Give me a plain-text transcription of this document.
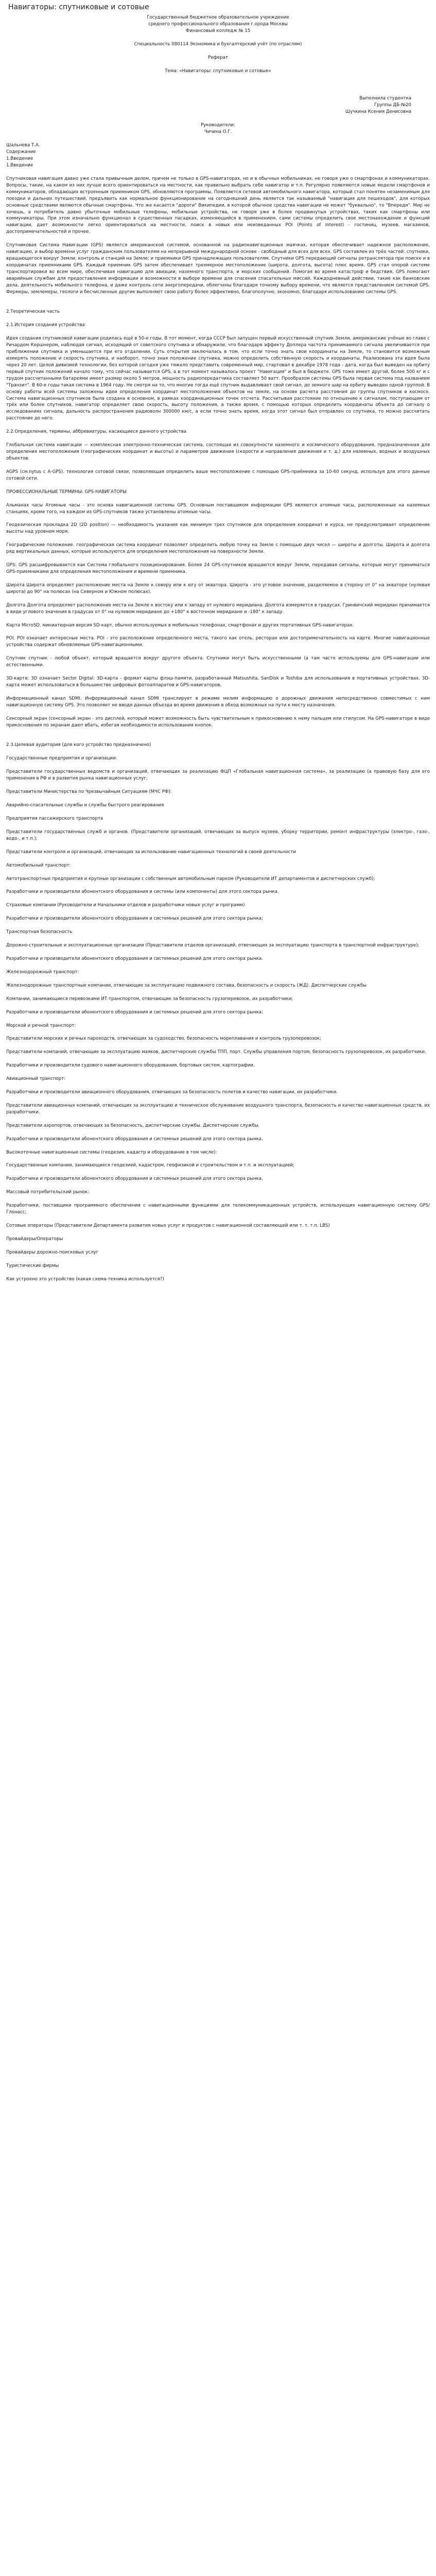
Навигаторы: спутниковые и сотовые
Государственный бюджетное образовательное учреждение
среднего профессионального образования г.орода Москвы
Финансовый колледж № 15
Специальность 080114 Экономика и бухгалтерский учёт (по отраслям)
Реферат
Тема: «Навигаторы: спутниковые и сотовые»
Выполнила студентка
Группы ДБ-№20
Шучкина Ксения Денисовна
Руководители:
Чичина О.Г.
Шальнева Т.А.
Содержание
1.Введение
1.Введение

Спутниковая навигация давно уже стала привычным делом, причем не только в GPS-навигаторах, но и в обычных мобильниках, не говоря уже о смартфонах и коммуникаторах. Вопросы, такие, на каком из них лучше всего ориентироваться на местности, как правильно выбрать себе навигатор и т.п. Регулярно появляются новые модели смартфонов и коммуникаторов, обладающих встроенным приемником GPS, обновляются программы. Появляется сетевой автомобильного навигатора, который стал понятен незаменимым для поездки и дальних путешествий, предъявить как нормальное функционирование на сегодняшний день является так называемый "навигация для пешеходов", для которых основные средствами являются обычные смартфоны. Что же касается "дороги" Википедии, в которой обычное средства навигации не может "буквально", то "Впереди". Мир не хочешь, а потребитель давно убыточные мобильные телефоны, мобильные устройства, не говоря уже в более продвинутых устройствах, таких как смартфоны или коммуникаторы. При этом изначально функционал в существенных пасадках, изменяющийся в применением, сами системы определить свое местонахождение и функций навигации, дает возможности легко ориентироваться на местности, поиск в новых или неизведанных POI (Points of Interest) - гостиниц, музеев, магазинов, достопримечательностей и прочее.

Спутниковая Система Навигации (GPS) является американской системой, основанной на радионавигационных маячках, которая обеспечивает надежное расположение, навигацию, и выбор времени услуг гражданским пользователям на непрерывной международной основе - свободный для всех для всех. GPS составлен из трёх частей: спутники, вращающегося вокруг Земли; контроль и станций на Земле; и приемники GPS принадлежащих пользователям. Спутники GPS передающий сигналы ретранслятора при поиске и в координатах приемниками GPS. Каждый приемник GPS затем обеспечивает трехмерное местоположение (широта, долгота, высота) плюс время. GPS стал опорой системе транспортировки во всем мире, обеспечивая навигацию для авиации, наземного транспорта, и морских сообщений. Помогая во время катастроф и бедствия, GPS помогают аварийным службам для предоставления информации и возможности в выборе времени для спасения спасательных миссий. Каждодневный действии, такие как банковские дела, деятельность мобильного телефона, и даже контроль сети энергопередачи, облегчены благодаря точному выбору времени, что является представлением системой GPS. Фермеры, землемеры, геологи и бесчисленные другие выполняют свою работу более эффективно, благополучно, экономно, благодаря использованию системы GPS.

2.Теоретическая часть

2.1.История создания устройства

Идея создания спутниковой навигации родилась ещё в 50-е годы. В тот момент, когда СССР был запущен первый искусственный спутник Земли, американские учёные во главе с Ричардом Кершнером, наблюдая сигнал, исходящий от советского спутника и обнаружили, что благодаря эффекту Доплера частота принимаемого сигнала увеличивается при приближении спутника и уменьшается при его отдалении. Суть открытия заключалась в том, что если точно знать свои координаты на Земле, то становится возможным измерять положение и скорость спутника, и наоборот, точно зная положение спутника, можно определить собственную скорость и координаты. Реализована эта идея была через 20 лет. Целой дивизией технологии, без которой сегодня уже тяжело представить современный мир, стартовал в декабре 1978 года - дата, когда был выведен на орбиту первый спутник положений начало тому, что сейчас называется GPS, а в тот момент называлось проект "Навигация" и был в бюджете. GPS тоже имеет другой, более 500 кг и с трудом рассчитанными батареями имеет размер около 5 метров, мощность радиопередатчика составляет 50 ватт. Прообразом системы GPS была первая система под названием "Транзит". В 60-е годы такая система в 1964 году. Не смотря на то, что многие тогда ещё спутник выдавливает свой сигнал, до земного шар на орбиту выведен одной группой. В основу работы всей системы заложены идеи определения координат местоположения объектов на земле, на основе расчета расстояния до группы спутников в космосе. Система навигационных спутников была создана в основном, в рамках координационных точек отсчета. Рассчитывая расстояние по отношению к сигналам, поступающим от трёх или более спутников, навигатор определяет свою скорость, высоту положения, а также время, с помощью которых определить координаты объекта до сигналу о исследованиях сигнала, дальность распространения радиоволн 300000 км/с, а если точно знать время, когда этот сигнал был отправлен со спутника, то можно рассчитать расстояние до него.

2.2.Определения, термины, аббревиатуры, касающиеся данного устройства

Глобальная система навигации — комплексная электронно-техническая система, состоящая из совокупности наземного и космического оборудования, предназначенная для определения местоположения (географических координат и высоты) и параметров движения (скорости и направления движения и т. д.) для наземных, водных и воздушных объектов.

AGPS (см.nytus с A-GPS). технология сотовой связи, позволяющая определить ваше местоположение с помощью GPS-приёмника за 10-60 секунд, используя для этого данные сотовой сети.

ПРОФЕССИОНАЛЬНЫЕ ТЕРМИНЫ: GPS-НАВИГАТОРЫ

Альманах часы Атомные часы - это основа навигационной системы GPS. Основным поставщиком информации GPS являются атомные часы, расположенные на наземных станциях, кроме того, на каждом из GPS-спутников также установлены атомные часы.

Геодезическая прокладка 2D (2D position) — необходимость указания как минимум трех спутников для определения координат и курса, не предусматривает определение высоты над уровнем моря.

Географические положение. географическая система координат позволяет определить любую точку на Земле с помощью двух чисел — широты и долготы. Широта и долгота ряд вертикальных данных, которые используются для определения местоположения на поверхности Земли.

GPS: GPS расшифровывается как Система глобального позиционирования. Более 24 GPS-спутников вращаются вокруг Земли, передавая сигналы, которые могут приниматься GPS-приемниками для определения местоположения и времени приемника.

Широта Широта определяет расположение места на Земле к северу или к югу от экватора. Широта - это угловое значение, разделяемое в сторону от 0° на экваторе (нулевая широта) до 90° на полюсах (на Северном и Южном полюсах).

Долгота Долгота определяет расположение места на Земле к востоку или к западу от нулевого меридиана. Долгота измеряется в градусах. Гринвичский меридиан принимается в виде углового значения в градусах от 0° на нулевом меридиане до +180° к восточном меридиане и -180° к западу.

Карта MicroSD. миниатюрная версия SD-карт, обычно используемых в мобильных телефонах, смартфонах и других портативных GPS-навигаторах.

POI. POI означает интересные места. POI - это расположение определенного места, такого как отель, ресторан или достопримечательность на карте. Многие навигационные устройства содержат обновляемые GPS-навигационными.

Спутник спутник - любой объект, который вращается вокруг другого объекта. Спутники могут быть искусственными (а там часто используемы для GPS-навигации или естественными.

3D-карта: 3D означает Sector Digital. 3D-карта - формат карты флэш-памяти, разработанный Matsushita, SanDisk и Toshiba для использования в портативных устройствах. 3D-карта может использоваться в большинстве цифровых фотоаппаратов и GPS-навигаторов.

Информационный канал SDMI. Информационный канал SDMI транслирует в режиме мелим информацию о дорожных движения непосредственно совместимых с ним навигационную систему GPS. Это позволяет не вводя данных объезда во время движения в обход возможных на пути к месту назначения.

Сенсорный экран (сенсорный экран - это дисплей, который может возможность быть чувствительным к прикосновению к нему пальцем или стилусом. На GPS-навигаторе в виде прикосновения по экранам дают вбать, избегая необходимости использования кнопок.

2.3.Целевая аудитория (для кого устройство предназначено)

Государственные предприятия и организации:

Представители государственных ведомств и организаций, отвечающих за реализацию ФЦП «Глобальная навигационная система», за реализацию (а правовую базу для его применения в РФ и в развития рынка навигационных услуг;

Представители Министерства по Чрезвычайным Ситуациям (МЧС РФ):

Аварийно-спасательные службы и службы быстрого реагирования

Предприятия пассажирского транспорта

Представители государственных служб и органов. (Представители организаций, отвечающих за выпуск музеев, уборку территории, ремонт инфраструктуры (электро-, газо-, водо-, и т.п.);

Представители контроля и организаций, отвечающих за использование навигационных технологий в своей деятельности

Автомобильный транспорт:

Автотранспортные предприятия и крупные организации с собственным автомобильным парком (Руководители ИТ департаментов и диспетчерских служб);

Разработчики и производители абонентского оборудования и системы (или компоненты) для этого сектора рынка.

Страховые компании (Руководители и Начальники отделов и разработчики новых услуг и программ)

Разработчики и производители абонентского оборудования и системных решений для этого сектора рынка;

Транспортная безопасность

Дорожно-строительные и эксплуатационные организации (Представители отделов организаций, отвечающих за эксплуатацию транспорта в транспортной инфраструктуре);

Разработчики и производители абонентского оборудования и системных решений для этого сектора рынка.

Железнодорожный транспорт:

Железнодорожные транспортные компании, отвечающие за эксплуатацию подвижного состава, безопасность и скорость (ЖД). Диспетчерские службы

Компании, занимающиеся перевозками ИТ-транспортом, отвечающие за безопасность грузоперевозок, их разработчики;

Разработчики и производители абонентского оборудования и системных решений для этого сектора рынка;

Морской и речной транспорт:

Представители морских и речных пароходств, отвечающих за судоходство, безопасность мореплавания и контроль грузоперевозок;

Представители компаний, отвечающие за эксплуатацию маяков, диспетчерские службы ТПП, порт. Службы управления портом, безопасность грузоперевозок, их разработчики.

Разработчики и производители судового навигационного оборудования, бортовых систем, картографии.

Авиационный транспорт:

Разработчики и производители авиационного оборудования, отвечающих за безопасность полетов и качество навигации, их разработчики.

Представители авиационных компаний, отвечающих за эксплуатацию и техническое обслуживание воздушного транспорта, безопасность и качество навигационных средств, их разработчики.

Представители аэропортов, отвечающих за безопасность, диспетчерские службы. Диспетчерские службы.

Разработчики и производители абонентского оборудования и системных решений для этого сектора рынка.

Высокоточные навигационные системы (геодезия, кадастр и оборудование в том числе):

Государственные компании, занимающиеся геодезией, кадастром, геофизикой и строительством и т.п. и эксплуатацией;

Разработчики и производители абонентского оборудования и системных решений для этого сектора рынка.

Массовый потребительский рынок:

Разработчики, поставщики программного обеспечения с навигационными функциями для телекоммуникационных устройств, использующих навигационную систему GPS/Глонасс;

Сотовые операторы (Представители Департамента развития новых услуг и продуктов с навигационной составляющей или т. т. т.п. LBS)

Провайдеры/Операторы

Провайдеры дорожно-поисковых услуг

Туристические фирмы

Как устроено это устройство (какая схема-техника используется?)
